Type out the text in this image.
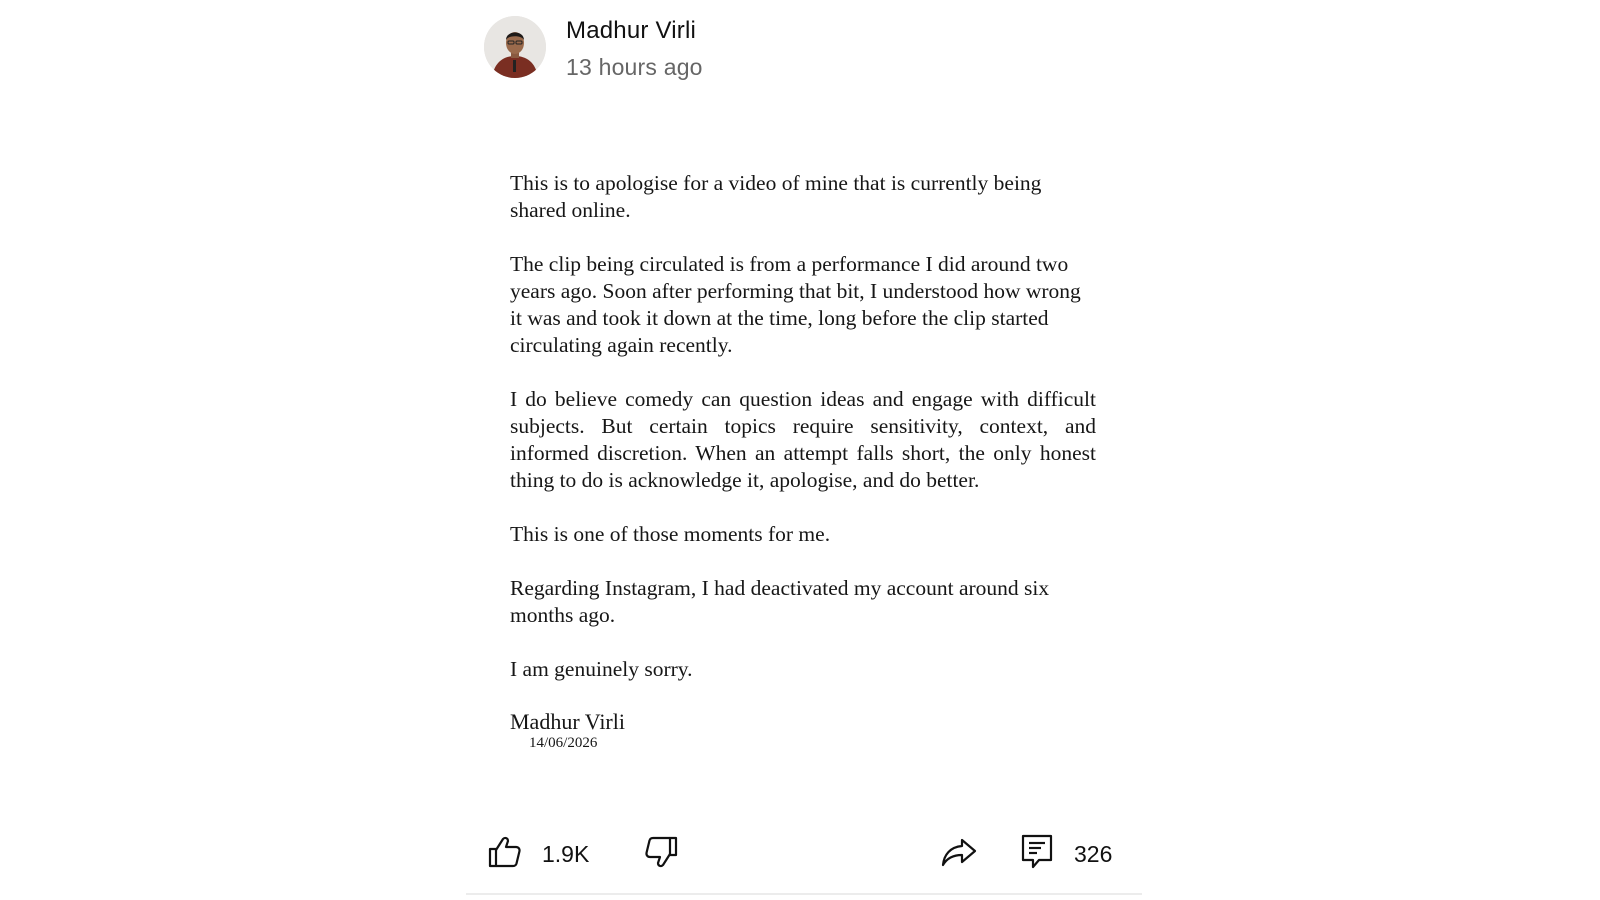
Madhur Virli
13 hours ago

This is to apologise for a video of mine that is currently being shared online.

The clip being circulated is from a performance I did around two years ago. Soon after performing that bit, I understood how wrong it was and took it down at the time, long before the clip started circulating again recently.

I do believe comedy can question ideas and engage with difficult subjects. But certain topics require sensitivity, context, and informed discretion. When an attempt falls short, the only honest thing to do is acknowledge it, apologise, and do better.

This is one of those moments for me.

Regarding Instagram, I had deactivated my account around six months ago.

I am genuinely sorry.

Madhur Virli
14/06/2026
1.9K	326
